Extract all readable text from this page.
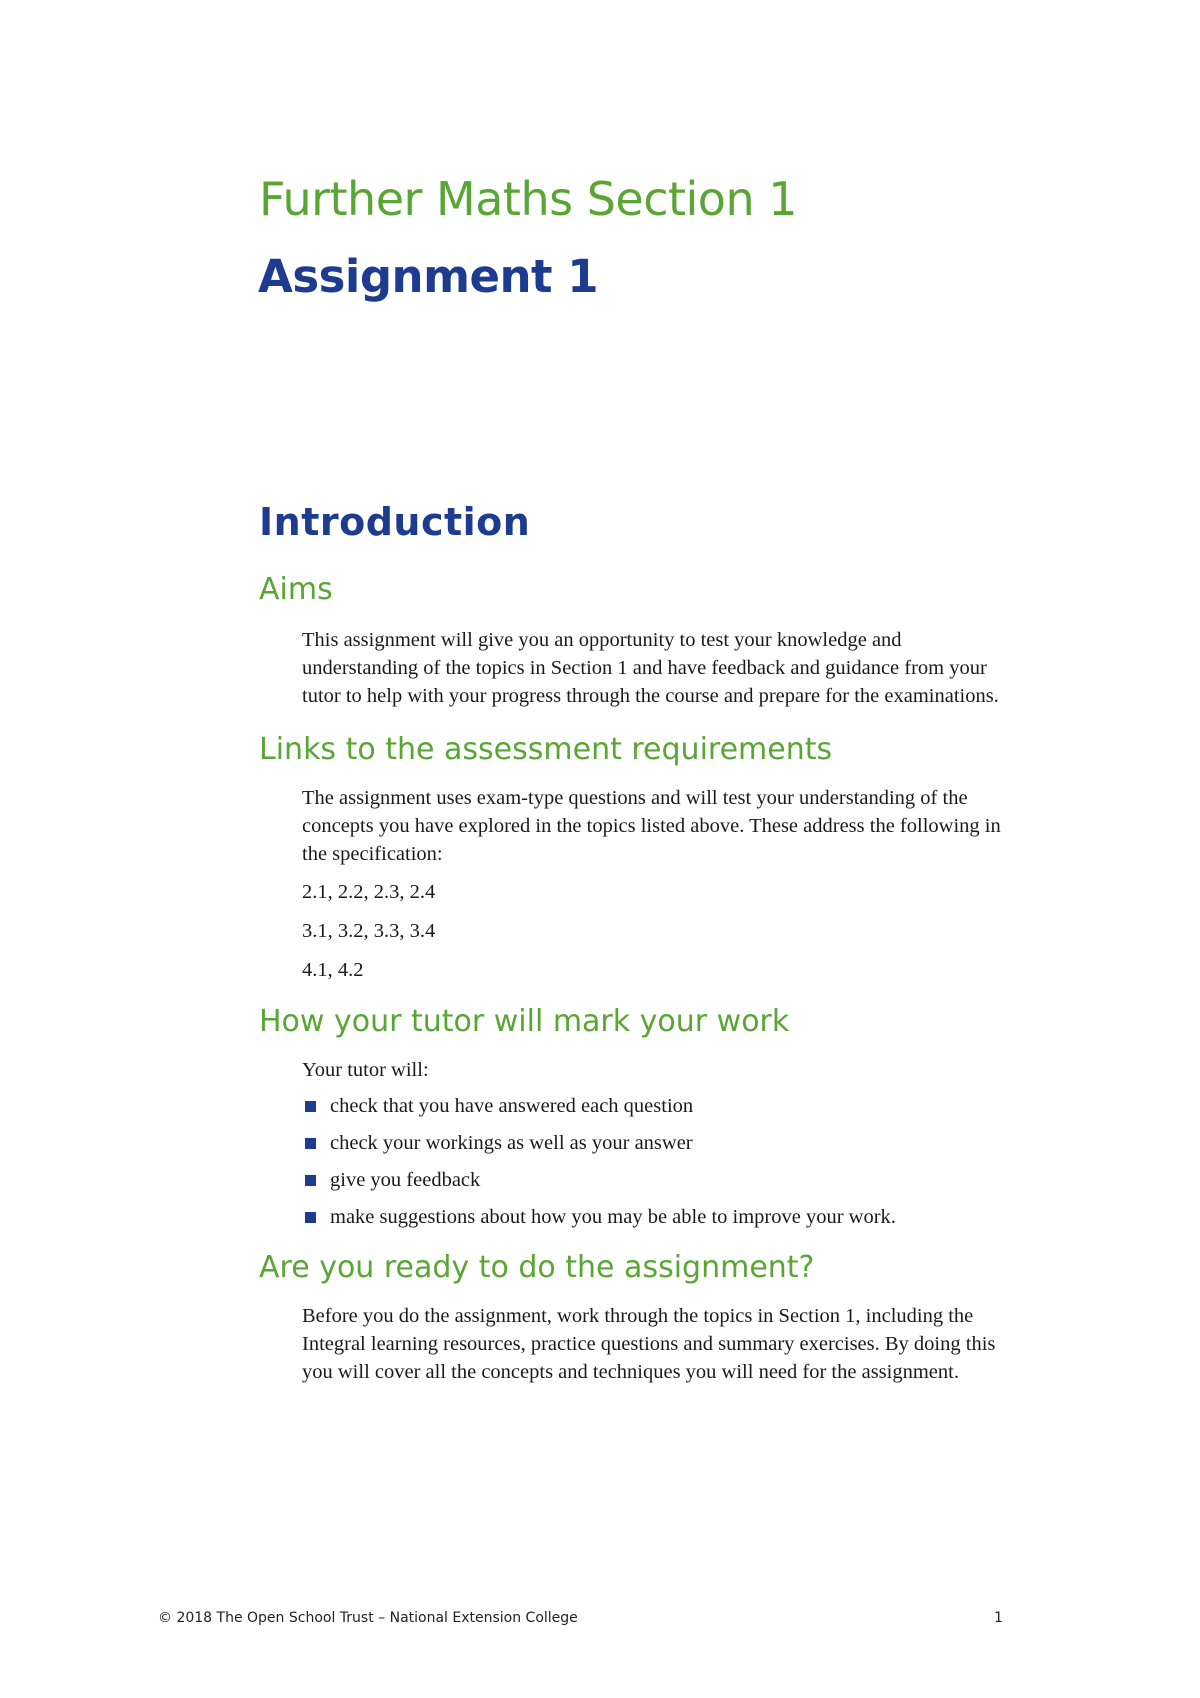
Further Maths Section 1
Assignment 1
Introduction
Aims

This assignment will give you an opportunity to test your knowledge and understanding of the topics in Section 1 and have feedback and guidance from your tutor to help with your progress through the course and prepare for the examinations.

Links to the assessment requirements

The assignment uses exam-type questions and will test your understanding of the concepts you have explored in the topics listed above. These address the following in the specification:

2.1, 2.2, 2.3, 2.4

3.1, 3.2, 3.3, 3.4

4.1, 4.2

How your tutor will mark your work

Your tutor will:

check that you have answered each question
check your workings as well as your answer
give you feedback
make suggestions about how you may be able to improve your work.
Are you ready to do the assignment?

Before you do the assignment, work through the topics in Section 1, including the Integral learning resources, practice questions and summary exercises. By doing this you will cover all the concepts and techniques you will need for the assignment.

© 2018 The Open School Trust – National Extension College	1
